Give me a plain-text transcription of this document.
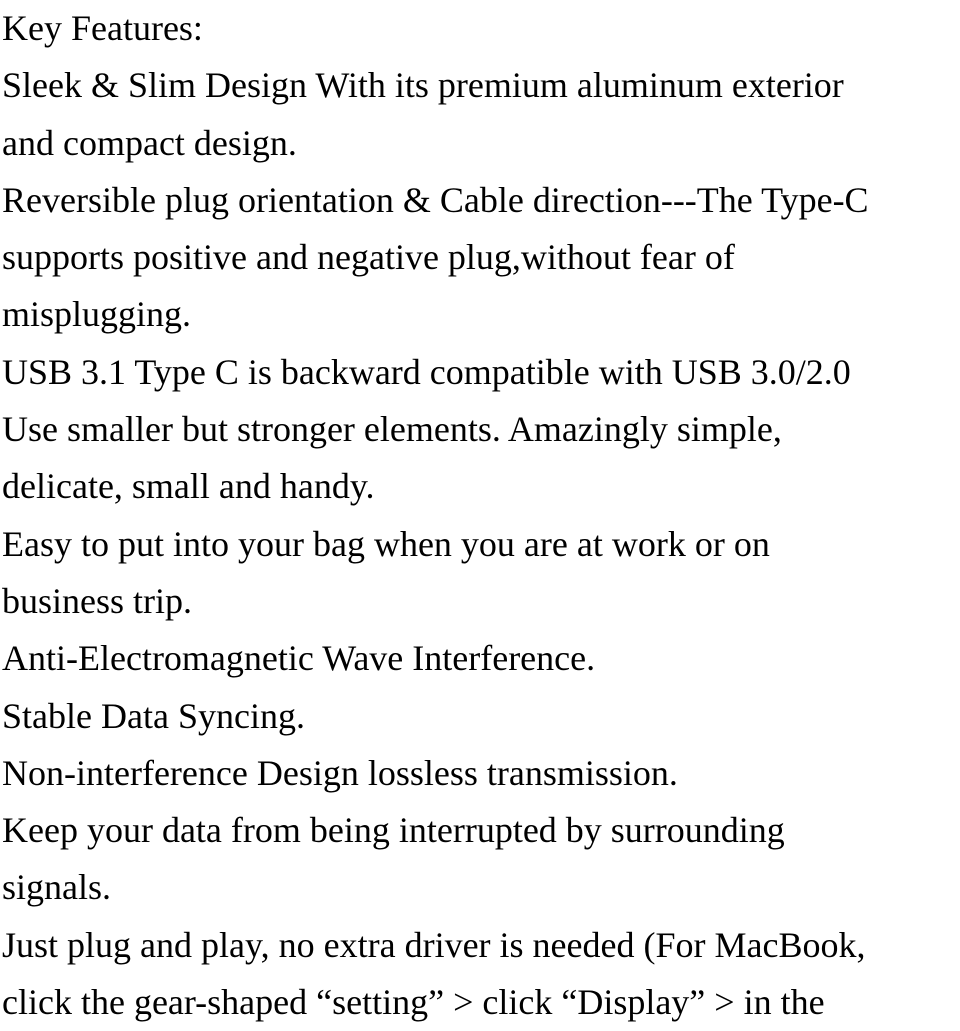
Key Features:
Sleek & Slim Design With its premium aluminum exterior
and compact design.
Reversible plug orientation & Cable direction---The Type-C
supports positive and negative plug,without fear of
misplugging.
USB 3.1 Type C is backward compatible with USB 3.0/2.0
Use smaller but stronger elements. Amazingly simple,
delicate, small and handy.
Easy to put into your bag when you are at work or on
business trip.
Anti-Electromagnetic Wave Interference.
Stable Data Syncing.
Non-interference Design lossless transmission.
Keep your data from being interrupted by surrounding
signals.
Just plug and play, no extra driver is needed (For MacBook,
click the gear-shaped “setting” > click “Display” > in the
